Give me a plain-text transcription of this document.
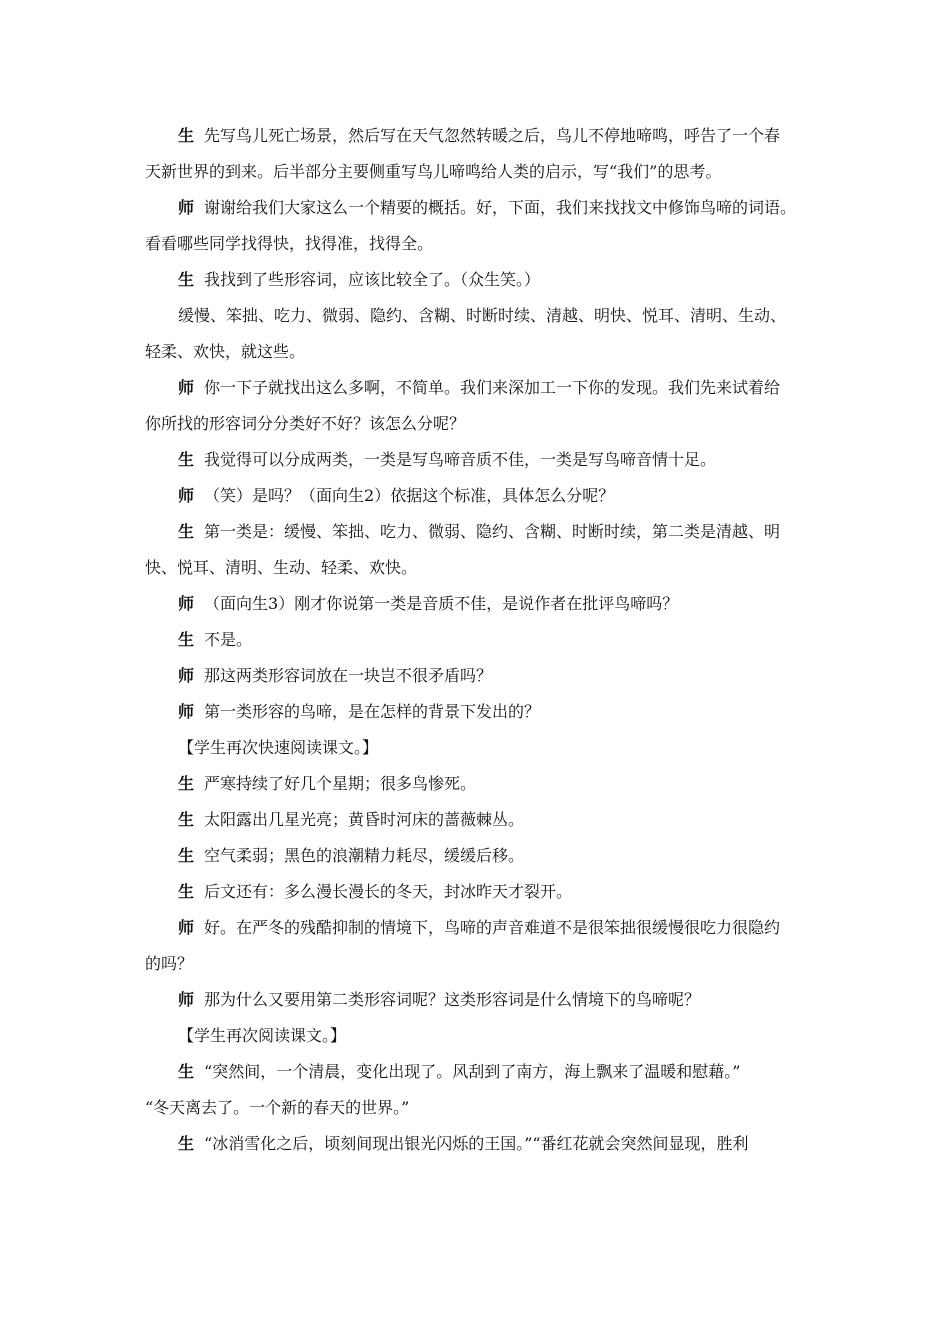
生 先写鸟儿死亡场景，然后写在天气忽然转暖之后，鸟儿不停地啼鸣，呼告了一个春
天新世界的到来。后半部分主要侧重写鸟儿啼鸣给人类的启示，写“我们”的思考。
师 谢谢给我们大家这么一个精要的概括。好，下面，我们来找找文中修饰鸟啼的词语。
看看哪些同学找得快，找得准，找得全。
生 我找到了些形容词，应该比较全了。（众生笑。）
缓慢、笨拙、吃力、微弱、隐约、含糊、时断时续、清越、明快、悦耳、清明、生动、
轻柔、欢快，就这些。
师 你一下子就找出这么多啊，不简单。我们来深加工一下你的发现。我们先来试着给
你所找的形容词分分类好不好？该怎么分呢？
生 我觉得可以分成两类，一类是写鸟啼音质不佳，一类是写鸟啼音情十足。
师 （笑）是吗？（面向生2）依据这个标准，具体怎么分呢？
生 第一类是：缓慢、笨拙、吃力、微弱、隐约、含糊、时断时续，第二类是清越、明
快、悦耳、清明、生动、轻柔、欢快。
师 （面向生3）刚才你说第一类是音质不佳，是说作者在批评鸟啼吗？
生 不是。
师 那这两类形容词放在一块岂不很矛盾吗？
师 第一类形容的鸟啼，是在怎样的背景下发出的？
【学生再次快速阅读课文。】
生 严寒持续了好几个星期；很多鸟惨死。
生 太阳露出几星光亮；黄昏时河床的蔷薇棘丛。
生 空气柔弱；黑色的浪潮精力耗尽，缓缓后移。
生 后文还有：多么漫长漫长的冬天，封冰昨天才裂开。
师 好。在严冬的残酷抑制的情境下，鸟啼的声音难道不是很笨拙很缓慢很吃力很隐约
的吗？
师 那为什么又要用第二类形容词呢？这类形容词是什么情境下的鸟啼呢？
【学生再次阅读课文。】
生 “突然间，一个清晨，变化出现了。风刮到了南方，海上飘来了温暖和慰藉。”
“冬天离去了。一个新的春天的世界。”
生 “冰消雪化之后，顷刻间现出银光闪烁的王国。”“番红花就会突然间显现，胜利
